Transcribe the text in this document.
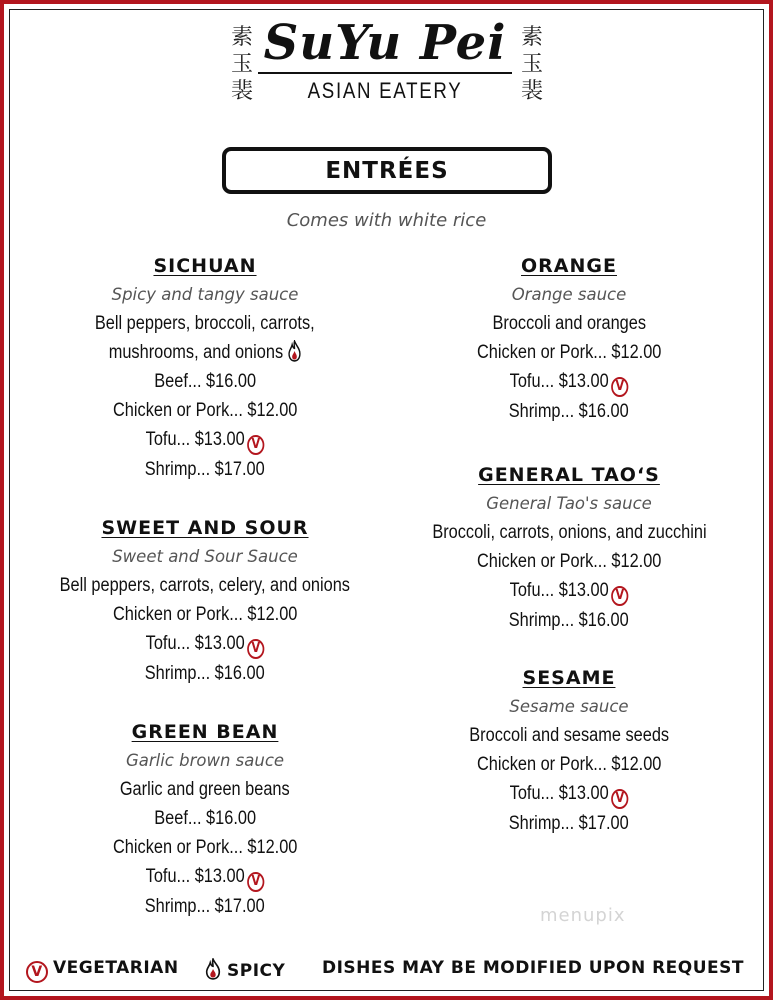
素
玉
裴
SuYu Pei
ASIAN EATERY
素
玉
裴
ENTRÉES
Comes with white rice
SICHUAN
Spicy and tangy sauce
Bell peppers, broccoli, carrots,
mushrooms, and onions
Beef... $16.00
Chicken or Pork... $12.00
Tofu... $13.00 V
Shrimp... $17.00
SWEET AND SOUR
Sweet and Sour Sauce
Bell peppers, carrots, celery, and onions
Chicken or Pork... $12.00
Tofu... $13.00 V
Shrimp... $16.00
GREEN BEAN
Garlic brown sauce
Garlic and green beans
Beef... $16.00
Chicken or Pork... $12.00
Tofu... $13.00 V
Shrimp... $17.00
ORANGE
Orange sauce
Broccoli and oranges
Chicken or Pork... $12.00
Tofu... $13.00 V
Shrimp... $16.00
GENERAL TAO‘S
General Tao's sauce
Broccoli, carrots, onions, and zucchini
Chicken or Pork... $12.00
Tofu... $13.00 V
Shrimp... $16.00
SESAME
Sesame sauce
Broccoli and sesame seeds
Chicken or Pork... $12.00
Tofu... $13.00 V
Shrimp... $17.00
V VEGETARIAN	SPICY DISHES MAY BE MODIFIED UPON REQUEST
menupix
